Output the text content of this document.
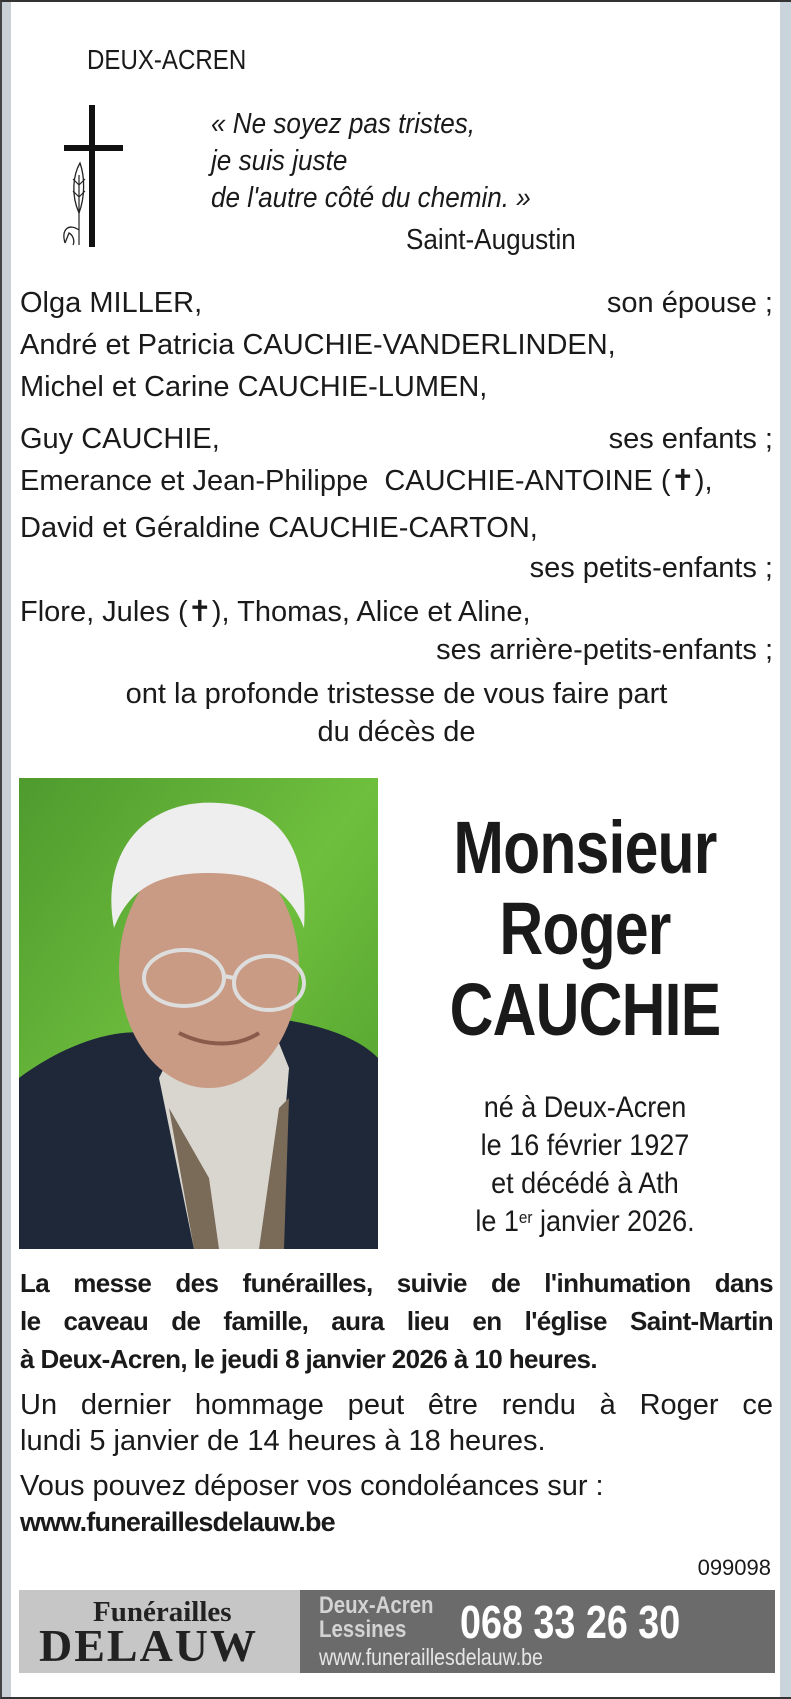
DEUX-ACREN
« Ne soyez pas tristes,
je suis juste
de l'autre côté du chemin. »
Saint-Augustin
Olga MILLER,	son épouse ;
André et Patricia CAUCHIE-VANDERLINDEN,
Michel et Carine CAUCHIE-LUMEN,
Guy CAUCHIE,	ses enfants ;
Emerance et Jean-Philippe  CAUCHIE-ANTOINE (✝),
David et Géraldine CAUCHIE-CARTON,
ses petits-enfants ;
Flore, Jules (✝), Thomas, Alice et Aline,
ses arrière-petits-enfants ;
ont la profonde tristesse de vous faire part
du décès de
Monsieur
Roger
CAUCHIE
né à Deux-Acren
le 16 février 1927
et décédé à Ath
le 1er janvier 2026.
La messe des funérailles, suivie de l'inhumation dans
le caveau de famille, aura lieu en l'église Saint-Martin
à Deux-Acren, le jeudi 8 janvier 2026 à 10 heures.
Un dernier hommage peut être rendu à Roger ce
lundi 5 janvier de 14 heures à 18 heures.
Vous pouvez déposer vos condoléances sur :
www.funeraillesdelauw.be
099098
Funérailles
DELAUW
Deux-Acren
Lessines 068 33 26 30
www.funeraillesdelauw.be
